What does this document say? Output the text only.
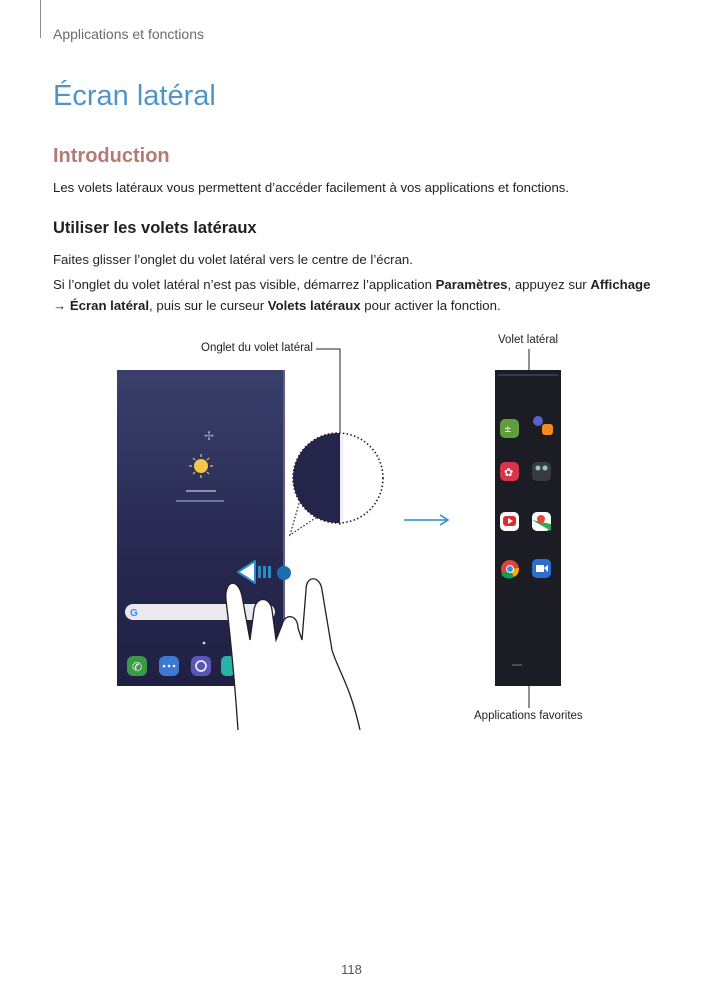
Applications et fonctions
Écran latéral
Introduction
Les volets latéraux vous permettent d’accéder facilement à vos applications et fonctions.
Utiliser les volets latéraux
Faites glisser l’onglet du volet latéral vers le centre de l’écran.
Si l’onglet du volet latéral n’est pas visible, démarrez l’application Paramètres, appuyez sur Affichage
→ Écran latéral, puis sur le curseur Volets latéraux pour activer la fonction.
Onglet du volet latéral
Volet latéral
Applications favorites
✢
G
✆
±
✿
118
